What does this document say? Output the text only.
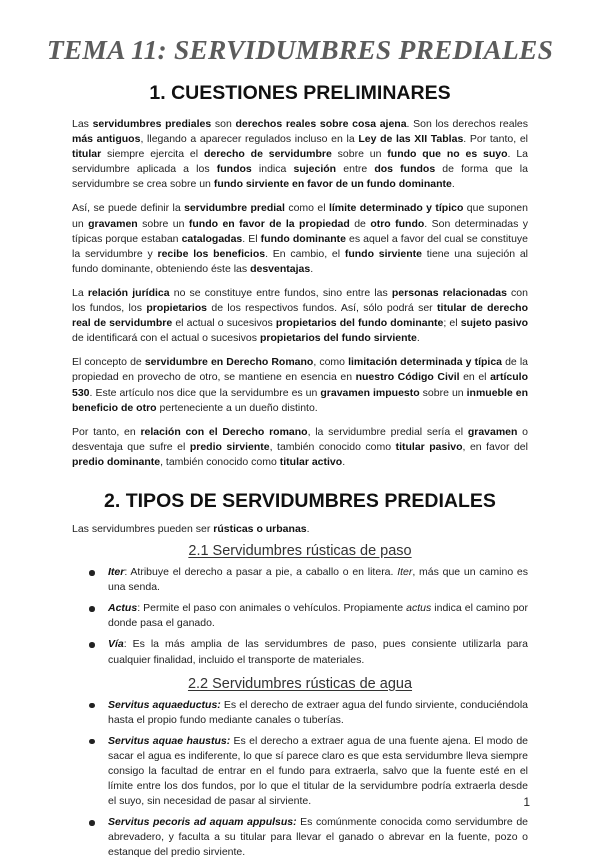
TEMA 11: SERVIDUMBRES PREDIALES
1. CUESTIONES PRELIMINARES

Las servidumbres prediales son derechos reales sobre cosa ajena. Son los derechos reales más antiguos, llegando a aparecer regulados incluso en la Ley de las XII Tablas. Por tanto, el titular siempre ejercita el derecho de servidumbre sobre un fundo que no es suyo. La servidumbre aplicada a los fundos indica sujeción entre dos fundos de forma que la servidumbre se crea sobre un fundo sirviente en favor de un fundo dominante.

Así, se puede definir la servidumbre predial como el límite determinado y típico que suponen un gravamen sobre un fundo en favor de la propiedad de otro fundo. Son determinadas y típicas porque estaban catalogadas. El fundo dominante es aquel a favor del cual se constituye la servidumbre y recibe los beneficios. En cambio, el fundo sirviente tiene una sujeción al fundo dominante, obteniendo éste las desventajas.

La relación jurídica no se constituye entre fundos, sino entre las personas relacionadas con los fundos, los propietarios de los respectivos fundos. Así, sólo podrá ser titular de derecho real de servidumbre el actual o sucesivos propietarios del fundo dominante; el sujeto pasivo de identificará con el actual o sucesivos propietarios del fundo sirviente.

El concepto de servidumbre en Derecho Romano, como limitación determinada y típica de la propiedad en provecho de otro, se mantiene en esencia en nuestro Código Civil en el artículo 530. Este artículo nos dice que la servidumbre es un gravamen impuesto sobre un inmueble en beneficio de otro perteneciente a un dueño distinto.

Por tanto, en relación con el Derecho romano, la servidumbre predial sería el gravamen o desventaja que sufre el predio sirviente, también conocido como titular pasivo, en favor del predio dominante, también conocido como titular activo.

2. TIPOS DE SERVIDUMBRES PREDIALES

Las servidumbres pueden ser rústicas o urbanas.

2.1 Servidumbres rústicas de paso
Iter: Atribuye el derecho a pasar a pie, a caballo o en litera. Iter, más que un camino es una senda.
Actus: Permite el paso con animales o vehículos. Propiamente actus indica el camino por donde pasa el ganado.
Vía: Es la más amplia de las servidumbres de paso, pues consiente utilizarla para cualquier finalidad, incluido el transporte de materiales.
2.2 Servidumbres rústicas de agua
Servitus aquaeductus: Es el derecho de extraer agua del fundo sirviente, conduciéndola hasta el propio fundo mediante canales o tuberías.
Servitus aquae haustus: Es el derecho a extraer agua de una fuente ajena. El modo de sacar el agua es indiferente, lo que sí parece claro es que esta servidumbre lleva siempre consigo la facultad de entrar en el fundo para extraerla, salvo que la fuente esté en el límite entre los dos fundos, por lo que el titular de la servidumbre podría extraerla desde el suyo, sin necesidad de pasar al sirviente.
Servitus pecoris ad aquam appulsus: Es comúnmente conocida como servidumbre de abrevadero, y faculta a su titular para llevar el ganado o abrevar en la fuente, pozo o estanque del predio sirviente.
1
